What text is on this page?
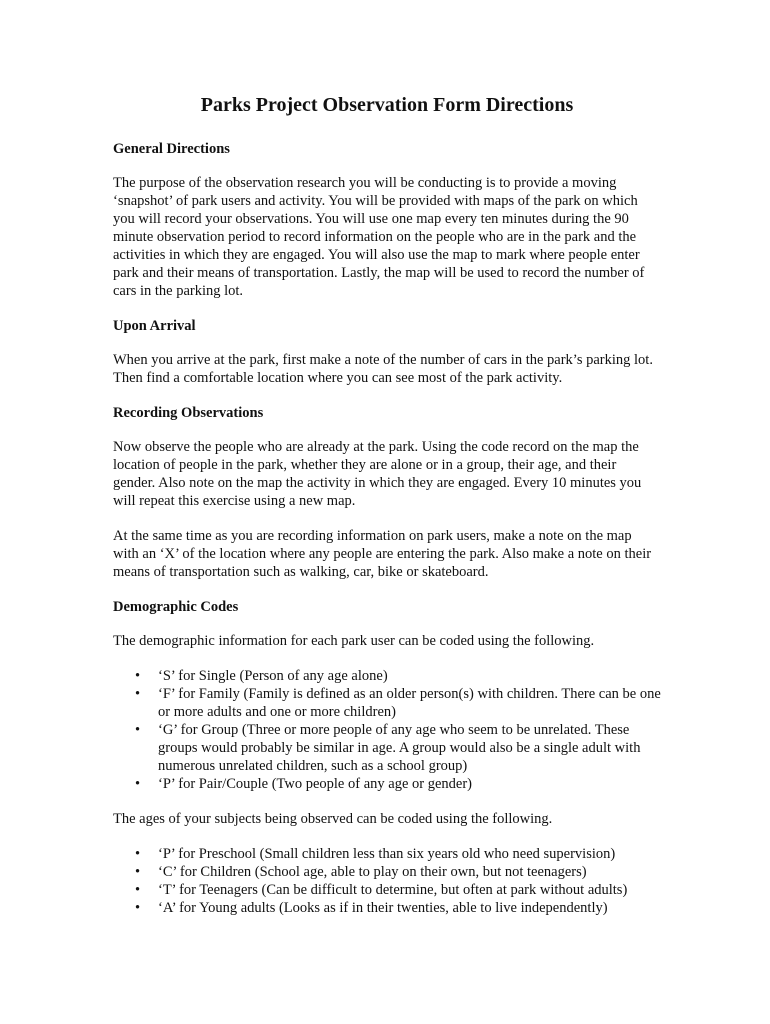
Parks Project Observation Form Directions
General Directions
The purpose of the observation research you will be conducting is to provide a moving ‘snapshot’ of park users and activity. You will be provided with maps of the park on which you will record your observations. You will use one map every ten minutes during the 90 minute observation period to record information on the people who are in the park and the activities in which they are engaged. You will also use the map to mark where people enter park and their means of transportation. Lastly, the map will be used to record the number of cars in the parking lot.
Upon Arrival
When you arrive at the park, first make a note of the number of cars in the park’s parking lot. Then find a comfortable location where you can see most of the park activity.
Recording Observations
Now observe the people who are already at the park. Using the code record on the map the location of people in the park, whether they are alone or in a group, their age, and their gender. Also note on the map the activity in which they are engaged. Every 10 minutes you will repeat this exercise using a new map.
At the same time as you are recording information on park users, make a note on the map with an ‘X’ of the location where any people are entering the park. Also make a note on their means of transportation such as walking, car, bike or skateboard.
Demographic Codes
The demographic information for each park user can be coded using the following.
• ‘S’ for Single (Person of any age alone)
• ‘F’ for Family (Family is defined as an older person(s) with children. There can be one or more adults and one or more children)
• ‘G’ for Group (Three or more people of any age who seem to be unrelated. These groups would probably be similar in age. A group would also be a single adult with numerous unrelated children, such as a school group)
• ‘P’ for Pair/Couple (Two people of any age or gender)
The ages of your subjects being observed can be coded using the following.
• ‘P’ for Preschool (Small children less than six years old who need supervision)
• ‘C’ for Children (School age, able to play on their own, but not teenagers)
• ‘T’ for Teenagers (Can be difficult to determine, but often at park without adults)
• ‘A’ for Young adults (Looks as if in their twenties, able to live independently)
